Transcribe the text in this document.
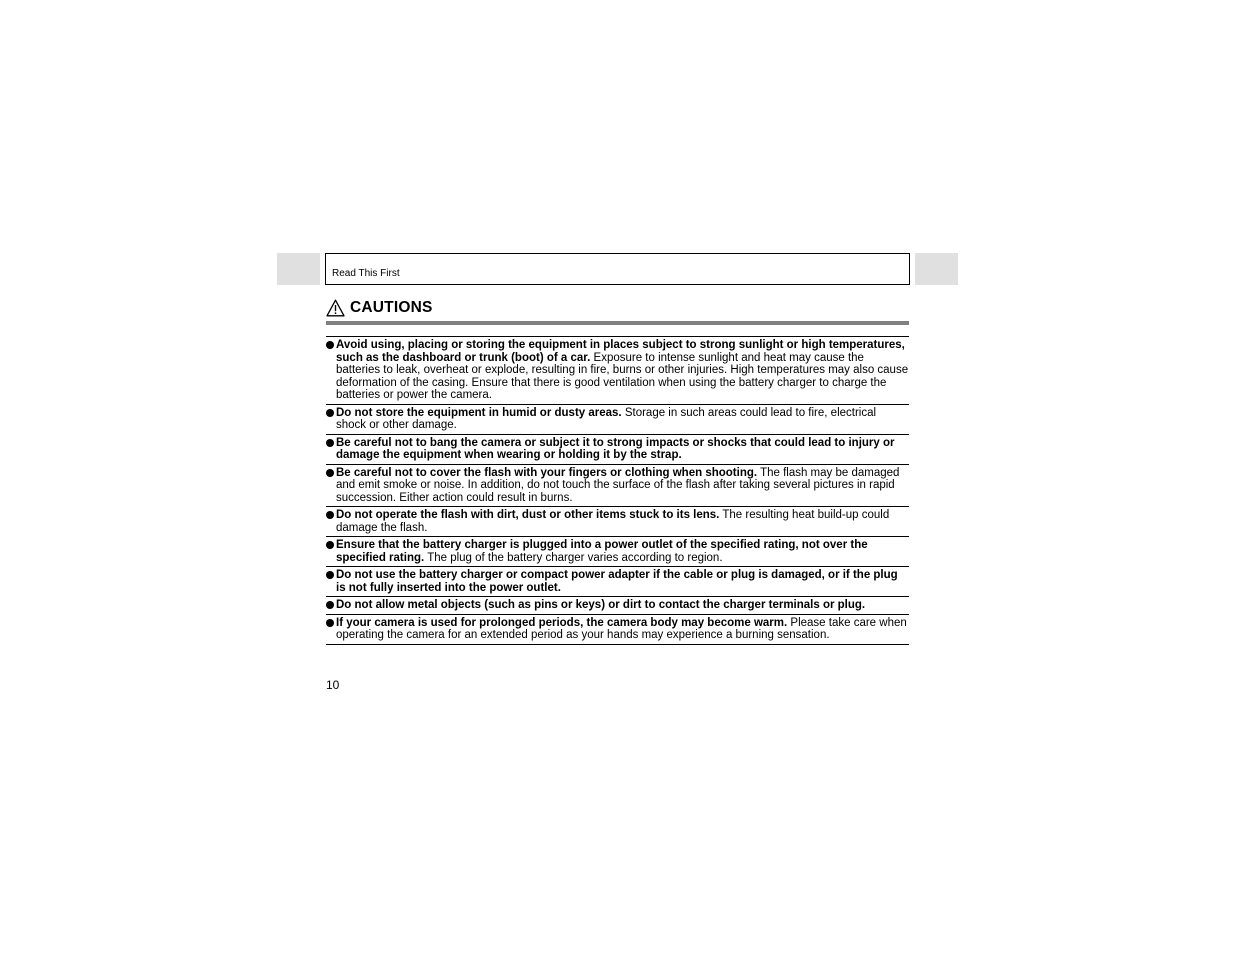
Read This First
CAUTIONS
Avoid using, placing or storing the equipment in places subject to strong sunlight or high temperatures, such as the dashboard or trunk (boot) of a car. Exposure to intense sunlight and heat may cause the batteries to leak, overheat or explode, resulting in fire, burns or other injuries. High temperatures may also cause deformation of the casing. Ensure that there is good ventilation when using the battery charger to charge the batteries or power the camera.
Do not store the equipment in humid or dusty areas. Storage in such areas could lead to fire, electrical shock or other damage.
Be careful not to bang the camera or subject it to strong impacts or shocks that could lead to injury or damage the equipment when wearing or holding it by the strap.
Be careful not to cover the flash with your fingers or clothing when shooting. The flash may be damaged and emit smoke or noise. In addition, do not touch the surface of the flash after taking several pictures in rapid succession. Either action could result in burns.
Do not operate the flash with dirt, dust or other items stuck to its lens. The resulting heat build-up could damage the flash.
Ensure that the battery charger is plugged into a power outlet of the specified rating, not over the specified rating. The plug of the battery charger varies according to region.
Do not use the battery charger or compact power adapter if the cable or plug is damaged, or if the plug is not fully inserted into the power outlet.
Do not allow metal objects (such as pins or keys) or dirt to contact the charger terminals or plug.
If your camera is used for prolonged periods, the camera body may become warm. Please take care when operating the camera for an extended period as your hands may experience a burning sensation.
10
